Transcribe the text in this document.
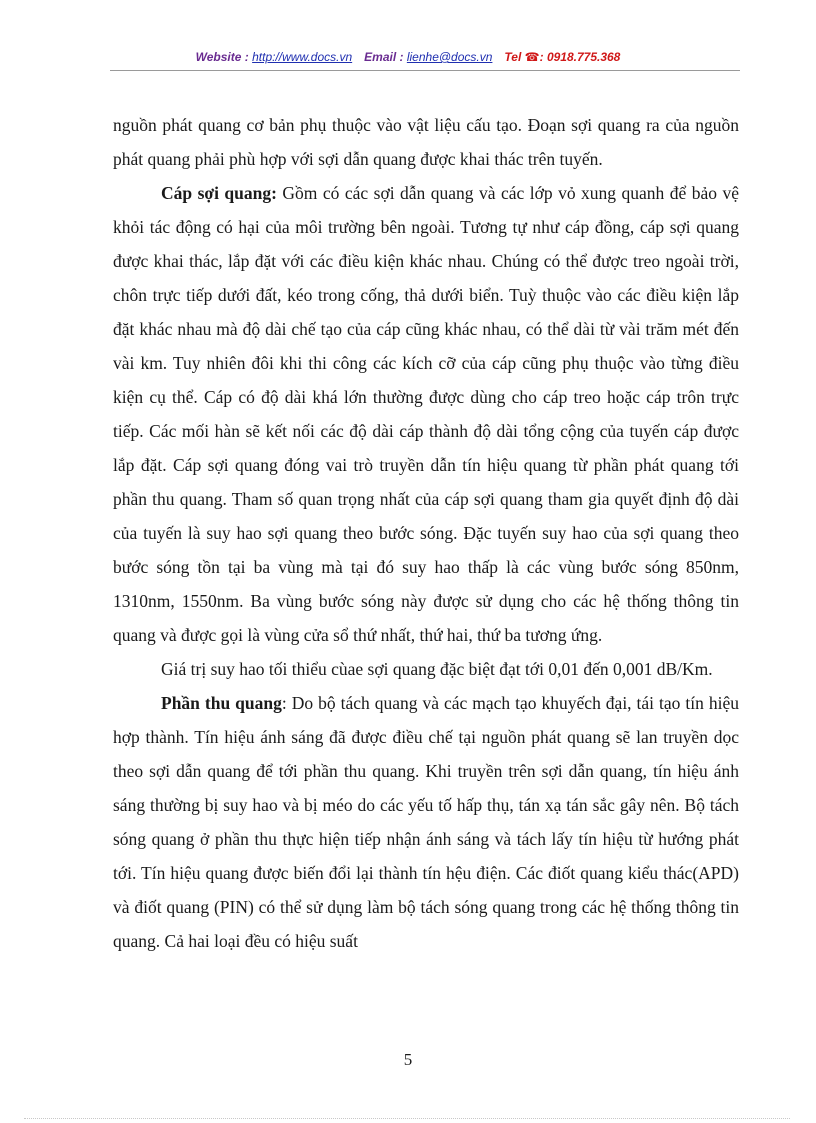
Website : http://www.docs.vn Email : lienhe@docs.vn Tel ☎: 0918.775.368

nguồn phát quang cơ bản phụ thuộc vào vật liệu cấu tạo. Đoạn sợi quang ra của nguồn phát quang phải phù hợp với sợi dẫn quang được khai thác trên tuyến.

Cáp sợi quang: Gồm có các sợi dẫn quang và các lớp vỏ xung quanh để bảo vệ khỏi tác động có hại của môi trường bên ngoài. Tương tự như cáp đồng, cáp sợi quang được khai thác, lắp đặt với các điều kiện khác nhau. Chúng có thể được treo ngoài trời, chôn trực tiếp dưới đất, kéo trong cống, thả dưới biển. Tuỳ thuộc vào các điều kiện lắp đặt khác nhau mà độ dài chế tạo của cáp cũng khác nhau, có thể dài từ vài trăm mét đến vài km. Tuy nhiên đôi khi thi công các kích cỡ của cáp cũng phụ thuộc vào từng điều kiện cụ thể. Cáp có độ dài khá lớn thường được dùng cho cáp treo hoặc cáp trôn trực tiếp. Các mối hàn sẽ kết nối các độ dài cáp thành độ dài tổng cộng của tuyến cáp được lắp đặt. Cáp sợi quang đóng vai trò truyền dẫn tín hiệu quang từ phần phát quang tới phần thu quang. Tham số quan trọng nhất của cáp sợi quang tham gia quyết định độ dài của tuyến là suy hao sợi quang theo bước sóng. Đặc tuyến suy hao của sợi quang theo bước sóng tồn tại ba vùng mà tại đó suy hao thấp là các vùng bước sóng 850nm, 1310nm, 1550nm. Ba vùng bước sóng này được sử dụng cho các hệ thống thông tin quang và được gọi là vùng cửa sổ thứ nhất, thứ hai, thứ ba tương ứng.

Giá trị suy hao tối thiểu cùae sợi quang đặc biệt đạt tới 0,01 đến 0,001 dB/Km.

Phần thu quang: Do bộ tách quang và các mạch tạo khuyếch đại, tái tạo tín hiệu hợp thành. Tín hiệu ánh sáng đã được điều chế tại nguồn phát quang sẽ lan truyền dọc theo sợi dẫn quang để tới phần thu quang. Khi truyền trên sợi dẫn quang, tín hiệu ánh sáng thường bị suy hao và bị méo do các yếu tố hấp thụ, tán xạ tán sắc gây nên. Bộ tách sóng quang ở phần thu thực hiện tiếp nhận ánh sáng và tách lấy tín hiệu từ hướng phát tới. Tín hiệu quang được biến đổi lại thành tín hệu điện. Các điốt quang kiểu thác(APD) và điốt quang (PIN) có thể sử dụng làm bộ tách sóng quang trong các hệ thống thông tin quang. Cả hai loại đều có hiệu suất

5
